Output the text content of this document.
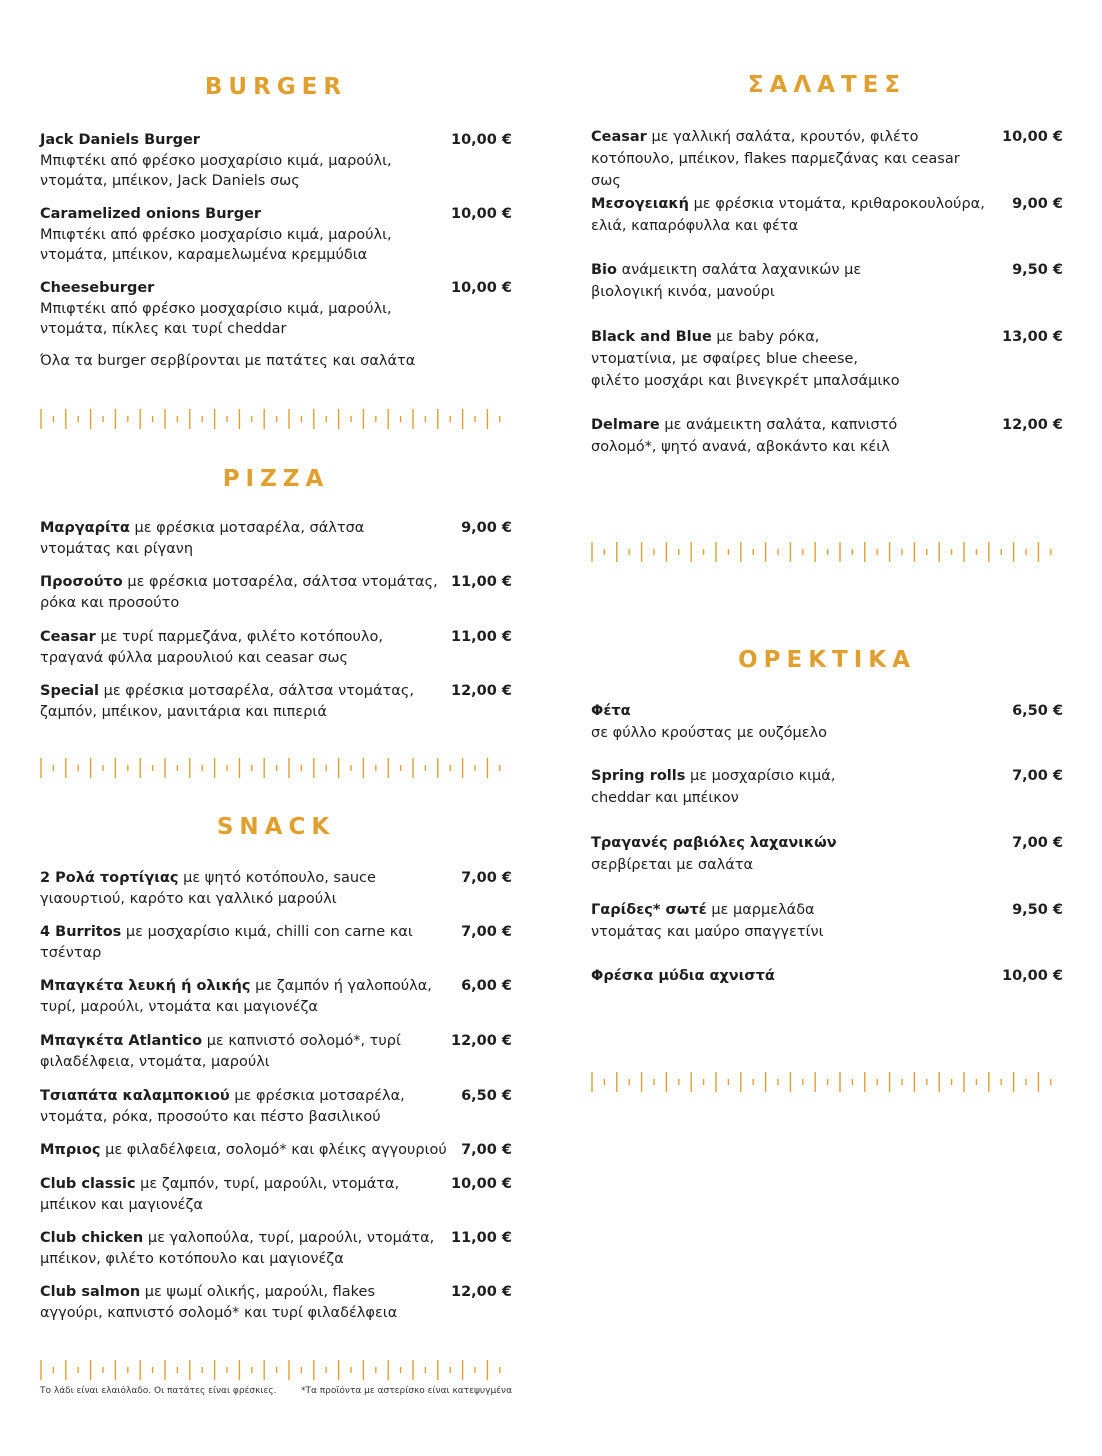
BURGER
Jack Daniels Burger
Μπιφτέκι από φρέσκο μοσχαρίσιο κιμά, μαρούλι, ντομάτα, μπέικον, Jack Daniels σως
10,00 €
Caramelized onions Burger
Μπιφτέκι από φρέσκο μοσχαρίσιο κιμά, μαρούλι, ντομάτα, μπέικον, καραμελωμένα κρεμμύδια
10,00 €
Cheeseburger
Μπιφτέκι από φρέσκο μοσχαρίσιο κιμά, μαρούλι, ντομάτα, πίκλες και τυρί cheddar
10,00 €
Όλα τα burger σερβίρονται με πατάτες και σαλάτα
PIZZA
Μαργαρίτα με φρέσκια μοτσαρέλα, σάλτσα ντομάτας και ρίγανη
9,00 €
Προσούτο με φρέσκια μοτσαρέλα, σάλτσα ντομάτας, ρόκα και προσούτο
11,00 €
Ceasar με τυρί παρμεζάνα, φιλέτο κοτόπουλο, τραγανά φύλλα μαρουλιού και ceasar σως
11,00 €
Special με φρέσκια μοτσαρέλα, σάλτσα ντομάτας, ζαμπόν, μπέικον, μανιτάρια και πιπεριά
12,00 €
SNACK
2 Ρολά τορτίγιας με ψητό κοτόπουλο, sauce γιαουρτιού, καρότο και γαλλικό μαρούλι
7,00 €
4 Burritos με μοσχαρίσιο κιμά, chilli con carne και τσένταρ
7,00 €
Μπαγκέτα λευκή ή ολικής με ζαμπόν ή γαλοπούλα, τυρί, μαρούλι, ντομάτα και μαγιονέζα
6,00 €
Μπαγκέτα Atlantico με καπνιστό σολομό*, τυρί φιλαδέλφεια, ντομάτα, μαρούλι
12,00 €
Τσιαπάτα καλαμποκιού με φρέσκια μοτσαρέλα, ντομάτα, ρόκα, προσούτο και πέστο βασιλικού
6,50 €
Μπριος με φιλαδέλφεια, σολομό* και φλέικς αγγουριού 7,00 €
Club classic με ζαμπόν, τυρί, μαρούλι, ντομάτα, μπέικον και μαγιονέζα
10,00 €
Club chicken με γαλοπούλα, τυρί, μαρούλι, ντομάτα, μπέικον, φιλέτο κοτόπουλο και μαγιονέζα
11,00 €
Club salmon με ψωμί ολικής, μαρούλι, flakes αγγούρι, καπνιστό σολομό* και τυρί φιλαδέλφεια
12,00 €
ΣΑΛΑΤΕΣ
Ceasar με γαλλική σαλάτα, κρουτόν, φιλέτο κοτόπουλο, μπέικον, flakes παρμεζάνας και ceasar σως
10,00 €
Μεσογειακή με φρέσκια ντομάτα, κριθαροκουλούρα, ελιά, καπαρόφυλλα και φέτα
9,00 €
Bio ανάμεικτη σαλάτα λαχανικών με βιολογική κινόα, μανούρι
9,50 €
Black and Blue με baby ρόκα, ντοματίνια, με σφαίρες blue cheese, φιλέτο μοσχάρι και βινεγκρέτ μπαλσάμικο
13,00 €
Delmare με ανάμεικτη σαλάτα, καπνιστό σολομό*, ψητό ανανά, αβοκάντο και κέιλ
12,00 €
ΟΡΕΚΤΙΚΑ
Φέτα
σε φύλλο κρούστας με ουζόμελο
6,50 €
Spring rolls με μοσχαρίσιο κιμά, cheddar και μπέικον
7,00 €
Τραγανές ραβιόλες λαχανικών
σερβίρεται με σαλάτα
7,00 €
Γαρίδες* σωτέ με μαρμελάδα ντομάτας και μαύρο σπαγγετίνι
9,50 €
Φρέσκα μύδια αχνιστά	10,00 €
Το λάδι είναι ελαιόλαδο. Οι πατάτες είναι φρέσκιες.	*Τα προϊόντα με αστερίσκο είναι κατεψυγμένα
